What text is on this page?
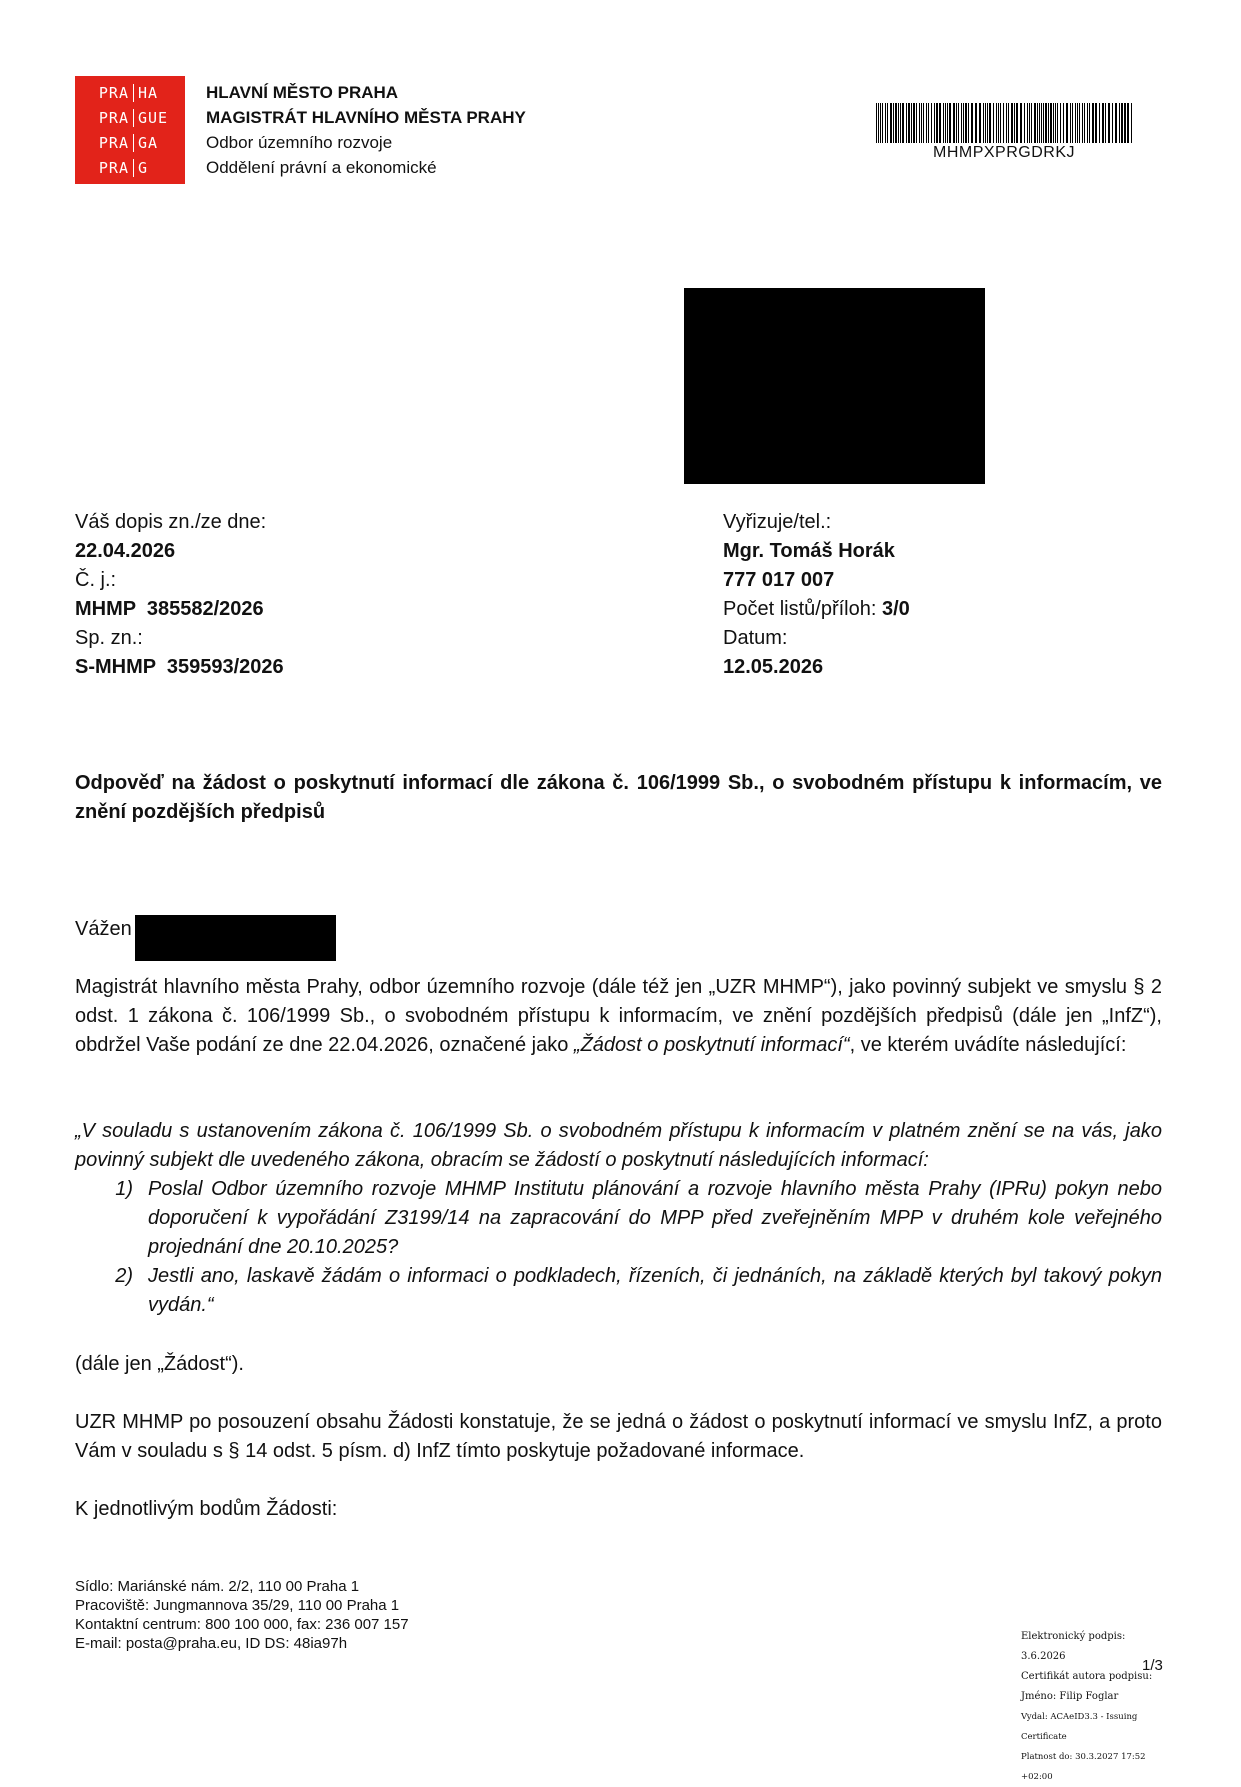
PRA HA
PRA GUE
PRA GA
PRA G
HLAVNÍ MĚSTO PRAHA
MAGISTRÁT HLAVNÍHO MĚSTA PRAHY
Odbor územního rozvoje
Oddělení právní a ekonomické
MHMPXPRGDRKJ
Váš dopis zn./ze dne:
22.04.2026
Č. j.:
MHMP  385582/2026
Sp. zn.:
S-MHMP  359593/2026
Vyřizuje/tel.:
Mgr. Tomáš Horák
777 017 007
Počet listů/příloh: 3/0
Datum:
12.05.2026
Odpověď na žádost o poskytnutí informací dle zákona č. 106/1999 Sb., o svobodném přístupu k informacím, ve znění pozdějších předpisů
Vážen
Magistrát hlavního města Prahy, odbor územního rozvoje (dále též jen „UZR MHMP“), jako povinný subjekt ve smyslu § 2 odst. 1 zákona č. 106/1999 Sb., o svobodném přístupu k informacím, ve znění pozdějších předpisů (dále jen „InfZ“), obdržel Vaše podání ze dne 22.04.2026, označené jako „Žádost o poskytnutí informací“, ve kterém uvádíte následující:
„V souladu s ustanovením zákona č. 106/1999 Sb. o svobodném přístupu k informacím v platném znění se na vás, jako povinný subjekt dle uvedeného zákona, obracím se žádostí o poskytnutí následujících informací:
1) Poslal Odbor územního rozvoje MHMP Institutu plánování a rozvoje hlavního města Prahy (IPRu) pokyn nebo doporučení k vypořádání Z3199/14 na zapracování do MPP před zveřejněním MPP v druhém kole veřejného projednání dne 20.10.2025?
2) Jestli ano, laskavě žádám o informaci o podkladech, řízeních, či jednáních, na základě kterých byl takový pokyn vydán.“
(dále jen „Žádost“).
UZR MHMP po posouzení obsahu Žádosti konstatuje, že se jedná o žádost o poskytnutí informací ve smyslu InfZ, a proto Vám v souladu s § 14 odst. 5 písm. d) InfZ tímto poskytuje požadované informace.
K jednotlivým bodům Žádosti:
Sídlo: Mariánské nám. 2/2, 110 00 Praha 1
Pracoviště: Jungmannova 35/29, 110 00 Praha 1
Kontaktní centrum: 800 100 000, fax: 236 007 157
E-mail: posta@praha.eu, ID DS: 48ia97h	Elektronický podpis: 3.6.2026
Certifikát autora podpisu:
Jméno: Filip Foglar
Vydal: ACAeID3.3 - Issuing Certificate
Platnost do: 30.3.2027 17:52 +02:00
1/3
